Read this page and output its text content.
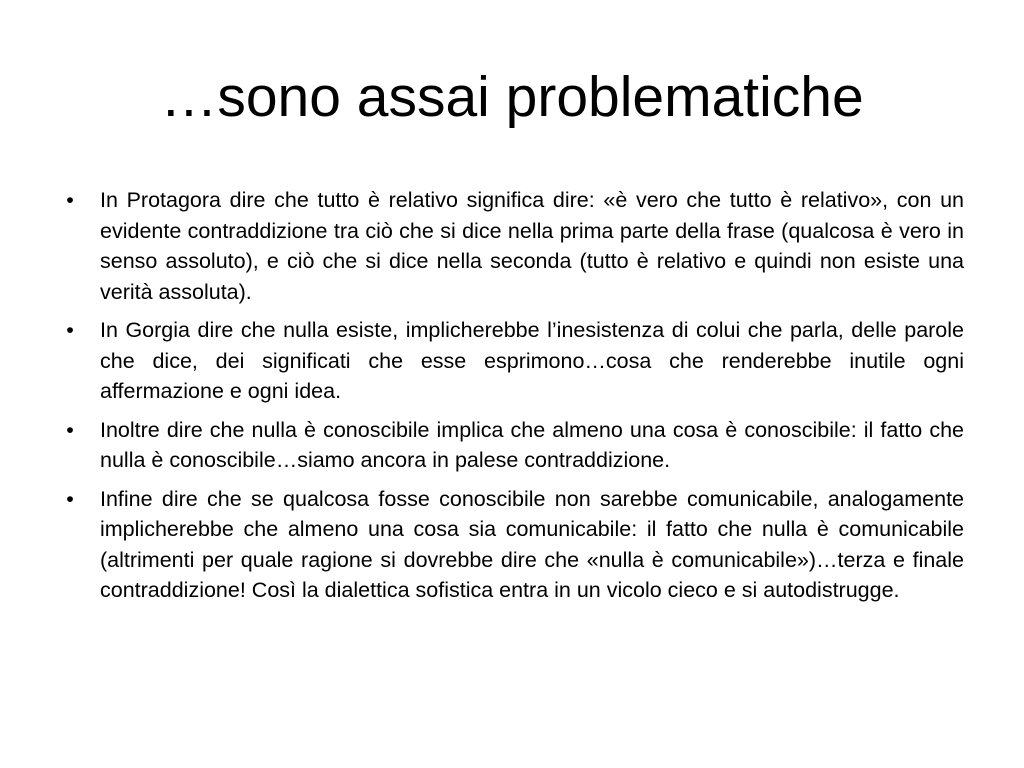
…sono assai problematiche
• In Protagora dire che tutto è relativo significa dire: «è vero che tutto è relativo», con un evidente contraddizione tra ciò che si dice nella prima parte della frase (qualcosa è vero in senso assoluto), e ciò che si dice nella seconda (tutto è relativo e quindi non esiste una verità assoluta).
• In Gorgia dire che nulla esiste, implicherebbe l’inesistenza di colui che parla, delle parole che dice, dei significati che esse esprimono…cosa che renderebbe inutile ogni affermazione e ogni idea.
• Inoltre dire che nulla è conoscibile implica che almeno una cosa è conoscibile: il fatto che nulla è conoscibile…siamo ancora in palese contraddizione.
• Infine dire che se qualcosa fosse conoscibile non sarebbe comunicabile, analogamente implicherebbe che almeno una cosa sia comunicabile: il fatto che nulla è comunicabile (altrimenti per quale ragione si dovrebbe dire che «nulla è comunicabile»)…terza e finale contraddizione! Così la dialettica sofistica entra in un vicolo cieco e si autodistrugge.
